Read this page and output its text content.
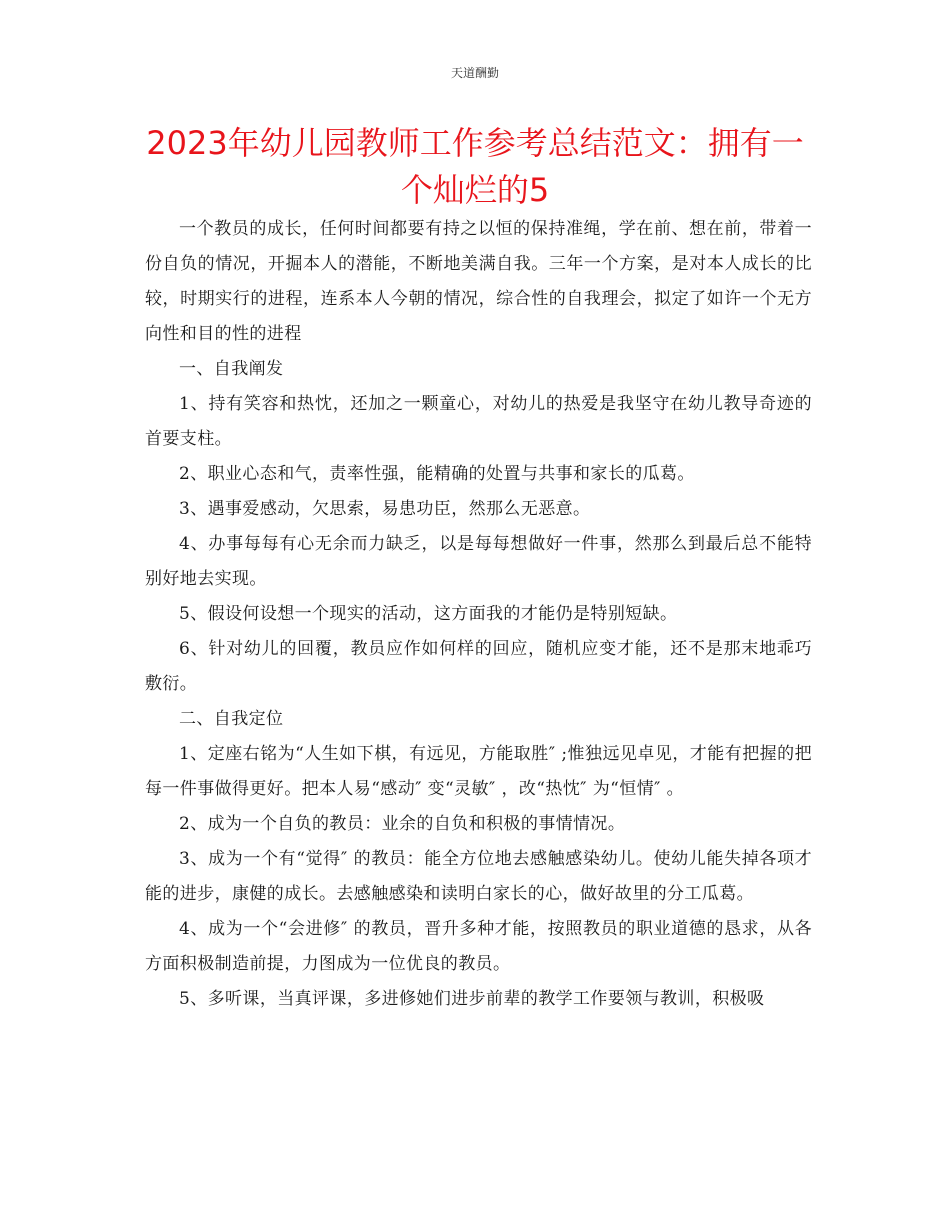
天道酬勤
2023年幼儿园教师工作参考总结范文：拥有一个灿烂的5

一个教员的成长，任何时间都要有持之以恒的保持准绳，学在前、想在前，带着一份自负的情况，开掘本人的潜能，不断地美满自我。三年一个方案，是对本人成长的比较，时期实行的进程，连系本人今朝的情况，综合性的自我理会，拟定了如许一个无方向性和目的性的进程

一、自我阐发

1、持有笑容和热忱，还加之一颗童心，对幼儿的热爱是我坚守在幼儿教导奇迹的首要支柱。

2、职业心态和气，责率性强，能精确的处置与共事和家长的瓜葛。

3、遇事爱感动，欠思索，易患功臣，然那么无恶意。

4、办事每每有心无余而力缺乏，以是每每想做好一件事，然那么到最后总不能特别好地去实现。

5、假设何设想一个现实的活动，这方面我的才能仍是特别短缺。

6、针对幼儿的回覆，教员应作如何样的回应，随机应变才能，还不是那末地乖巧敷衍。

二、自我定位

1、定座右铭为“人生如下棋，有远见，方能取胜″ ;惟独远见卓见，才能有把握的把每一件事做得更好。把本人易“感动″ 变“灵敏″ ，改“热忱″ 为“恒情″ 。

2、成为一个自负的教员：业余的自负和积极的事情情况。

3、成为一个有“觉得″ 的教员：能全方位地去感触感染幼儿。使幼儿能失掉各项才能的进步，康健的成长。去感触感染和读明白家长的心，做好故里的分工瓜葛。

4、成为一个“会进修″ 的教员，晋升多种才能，按照教员的职业道德的恳求，从各方面积极制造前提，力图成为一位优良的教员。

5、多听课，当真评课，多进修她们进步前辈的教学工作要领与教训，积极吸
